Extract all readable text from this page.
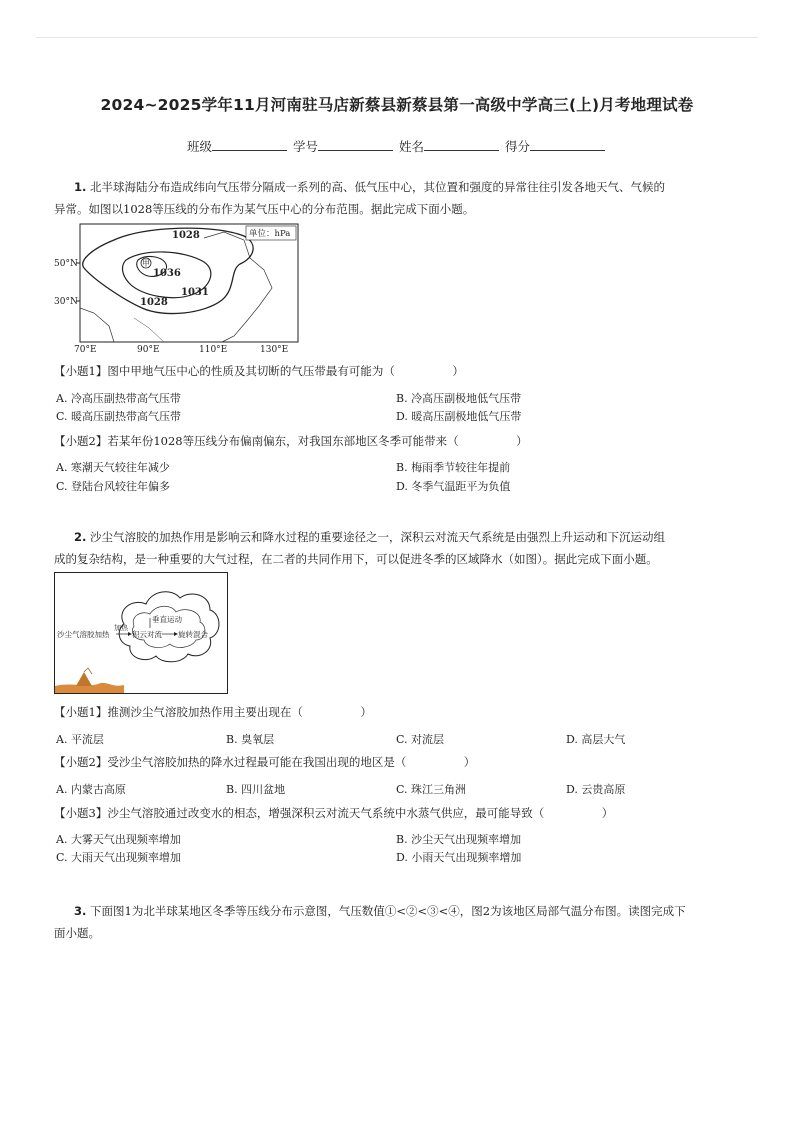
2024~2025学年11月河南驻马店新蔡县新蔡县第一高级中学高三(上)月考地理试卷
班级	学号	姓名	得分
1. 北半球海陆分布造成纬向气压带分隔成一系列的高、低气压中心，其位置和强度的异常往往引发各地天气、气候的
异常。如图以1028等压线的分布作为某气压中心的分布范围。据此完成下面小题。
甲
1028
1036
1031
1028
单位：hPa
50°N
30°N
70°E	90°E	110°E	130°E
【小题1】图中甲地气压中心的性质及其切断的气压带最有可能为（　　　　　）
A. 冷高压副热带高气压带	B. 冷高压副极地低气压带
C. 暖高压副热带高气压带	D. 暖高压副极地低气压带
【小题2】若某年份1028等压线分布偏南偏东，对我国东部地区冬季可能带来（　　　　　）
A. 寒潮天气较往年减少	B. 梅雨季节较往年提前
C. 登陆台风较往年偏多	D. 冬季气温距平为负值
2. 沙尘气溶胶的加热作用是影响云和降水过程的重要途径之一，深积云对流天气系统是由强烈上升运动和下沉运动组
成的复杂结构，是一种重要的大气过程，在二者的共同作用下，可以促进冬季的区域降水（如图）。据此完成下面小题。
垂直运动
积云对流 旋转混合
沙尘气溶胶加热
加热
【小题1】推测沙尘气溶胶加热作用主要出现在（　　　　　）
A. 平流层	B. 臭氧层	C. 对流层	D. 高层大气
【小题2】受沙尘气溶胶加热的降水过程最可能在我国出现的地区是（　　　　　）
A. 内蒙古高原	B. 四川盆地	C. 珠江三角洲	D. 云贵高原
【小题3】沙尘气溶胶通过改变水的相态，增强深积云对流天气系统中水蒸气供应，最可能导致（　　　　　）
A. 大雾天气出现频率增加	B. 沙尘天气出现频率增加
C. 大雨天气出现频率增加	D. 小雨天气出现频率增加
3. 下面图1为北半球某地区冬季等压线分布示意图，气压数值①<②<③<④，图2为该地区局部气温分布图。读图完成下
面小题。
